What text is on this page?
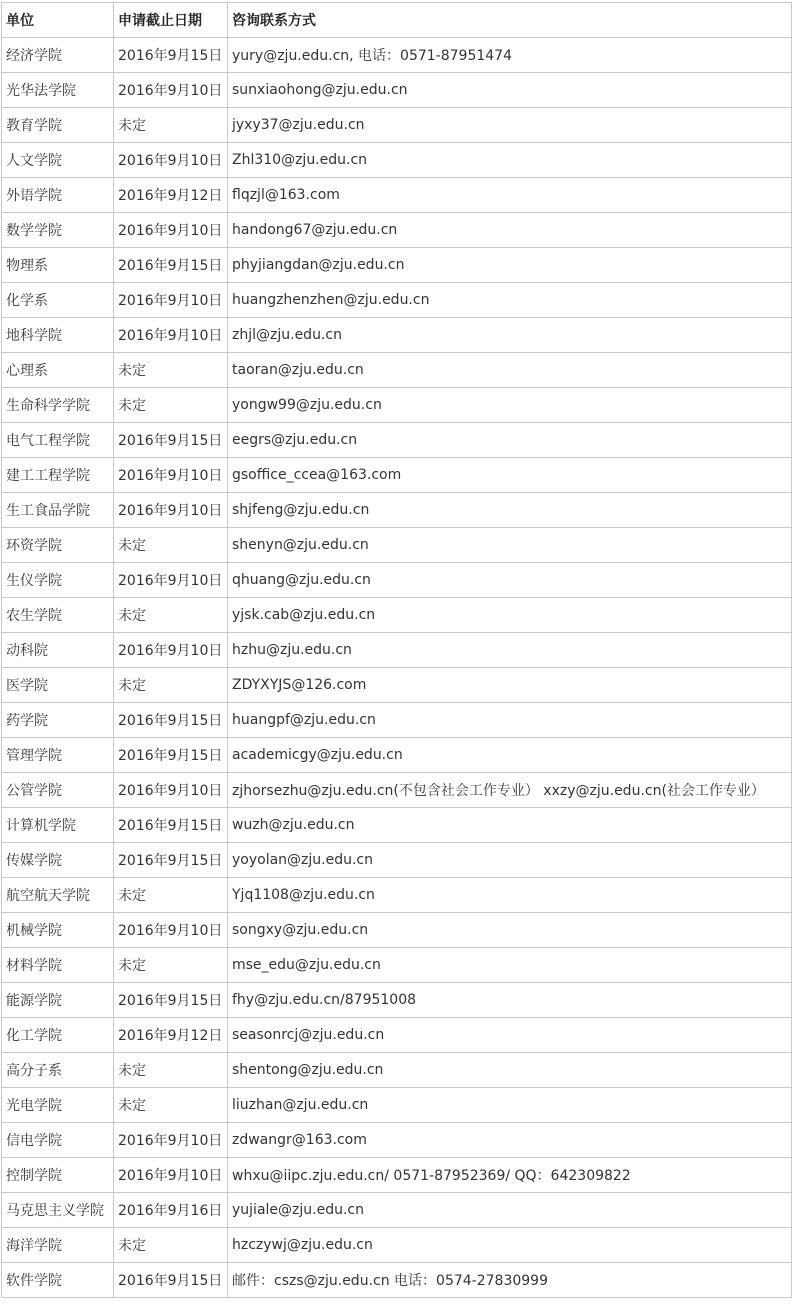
单位	申请截止日期	咨询联系方式
经济学院	2016年9月15日	yury@zju.edu.cn, 电话：0571-87951474
光华法学院	2016年9月10日	sunxiaohong@zju.edu.cn
教育学院	未定	jyxy37@zju.edu.cn
人文学院	2016年9月10日	Zhl310@zju.edu.cn
外语学院	2016年9月12日	flqzjl@163.com
数学学院	2016年9月10日	handong67@zju.edu.cn
物理系	2016年9月15日	phyjiangdan@zju.edu.cn
化学系	2016年9月10日	huangzhenzhen@zju.edu.cn
地科学院	2016年9月10日	zhjl@zju.edu.cn
心理系	未定	taoran@zju.edu.cn
生命科学学院	未定	yongw99@zju.edu.cn
电气工程学院	2016年9月15日	eegrs@zju.edu.cn
建工工程学院	2016年9月10日	gsoffice_ccea@163.com
生工食品学院	2016年9月10日	shjfeng@zju.edu.cn
环资学院	未定	shenyn@zju.edu.cn
生仪学院	2016年9月10日	qhuang@zju.edu.cn
农生学院	未定	yjsk.cab@zju.edu.cn
动科院	2016年9月10日	hzhu@zju.edu.cn
医学院	未定	ZDYXYJS@126.com
药学院	2016年9月15日	huangpf@zju.edu.cn
管理学院	2016年9月15日	academicgy@zju.edu.cn
公管学院	2016年9月10日	zjhorsezhu@zju.edu.cn(不包含社会工作专业） xxzy@zju.edu.cn(社会工作专业）
计算机学院	2016年9月15日	wuzh@zju.edu.cn
传媒学院	2016年9月15日	yoyolan@zju.edu.cn
航空航天学院	未定	Yjq1108@zju.edu.cn
机械学院	2016年9月10日	songxy@zju.edu.cn
材料学院	未定	mse_edu@zju.edu.cn
能源学院	2016年9月15日	fhy@zju.edu.cn/87951008
化工学院	2016年9月12日	seasonrcj@zju.edu.cn
高分子系	未定	shentong@zju.edu.cn
光电学院	未定	liuzhan@zju.edu.cn
信电学院	2016年9月10日	zdwangr@163.com
控制学院	2016年9月10日	whxu@iipc.zju.edu.cn/ 0571-87952369/ QQ：642309822
马克思主义学院	2016年9月16日	yujiale@zju.edu.cn
海洋学院	未定	hzczywj@zju.edu.cn
软件学院	2016年9月15日	邮件：cszs@zju.edu.cn 电话：0574-27830999
